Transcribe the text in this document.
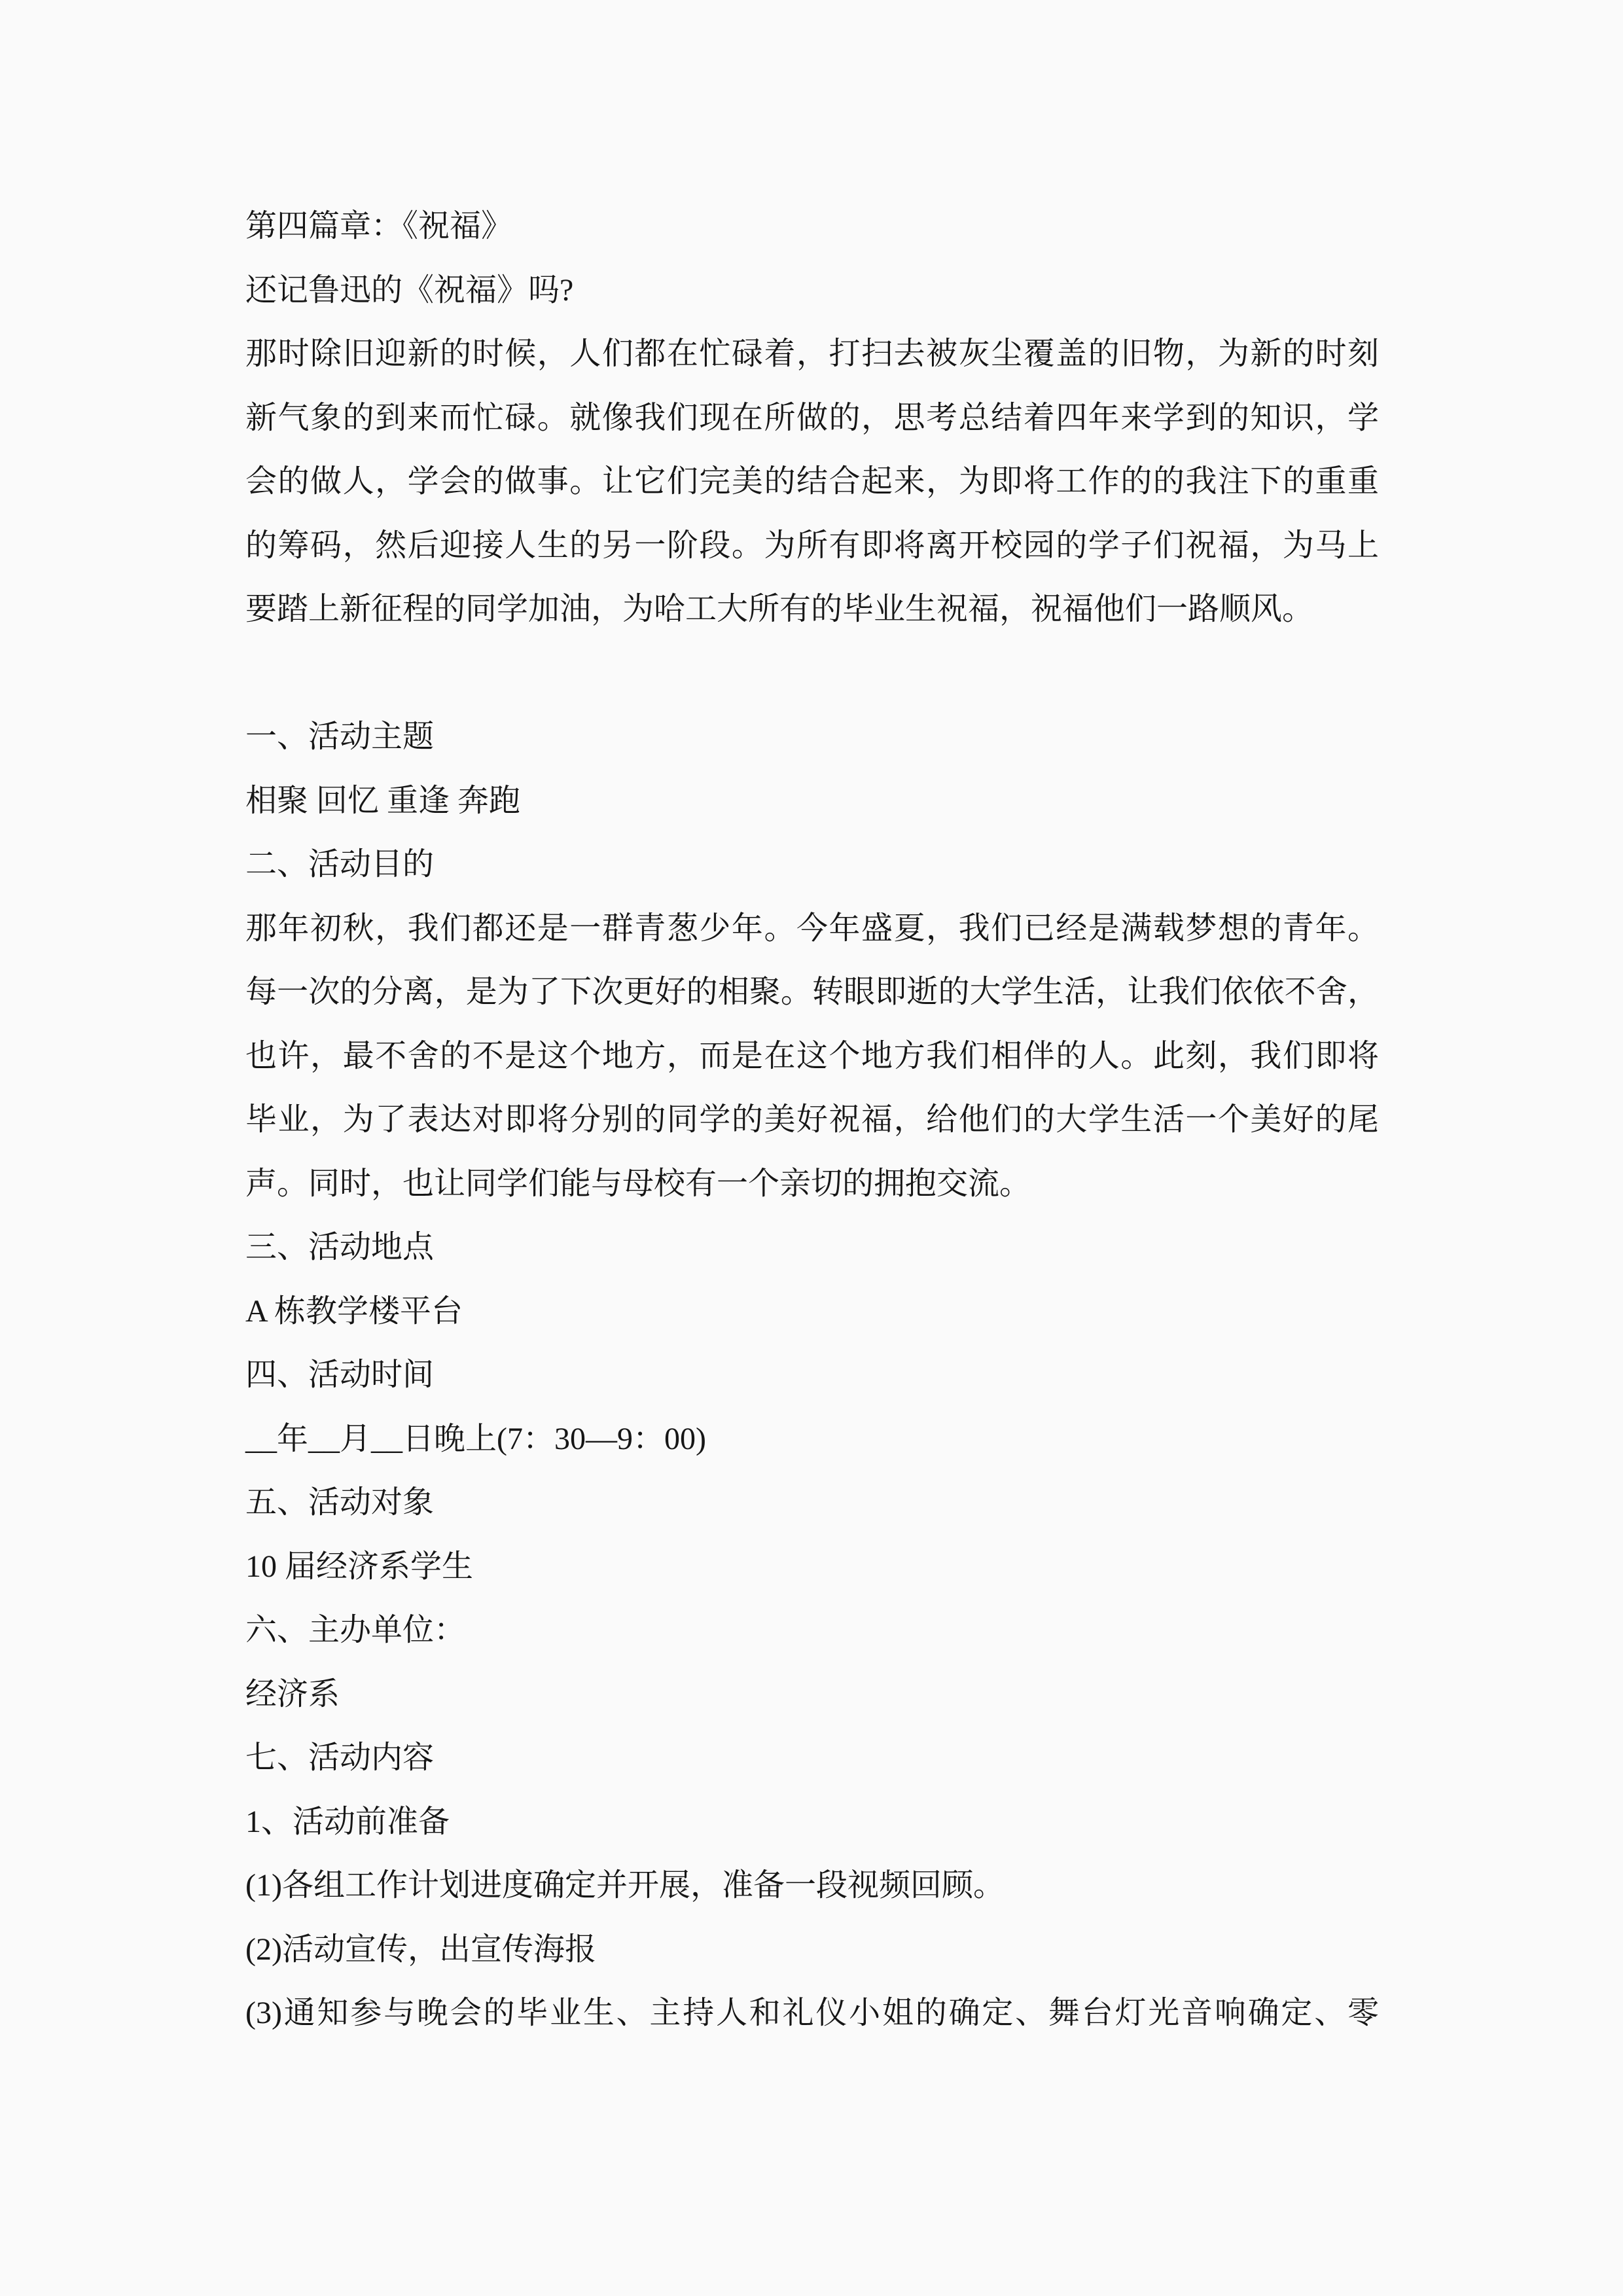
第四篇章：《祝福》
还记鲁迅的《祝福》吗?
那时除旧迎新的时候，人们都在忙碌着，打扫去被灰尘覆盖的旧物，为新的时刻
新气象的到来而忙碌。就像我们现在所做的，思考总结着四年来学到的知识，学
会的做人，学会的做事。让它们完美的结合起来，为即将工作的的我注下的重重
的筹码，然后迎接人生的另一阶段。为所有即将离开校园的学子们祝福，为马上
要踏上新征程的同学加油，为哈工大所有的毕业生祝福，祝福他们一路顺风。
一、活动主题
相聚 回忆 重逢 奔跑
二、活动目的
那年初秋，我们都还是一群青葱少年。今年盛夏，我们已经是满载梦想的青年。
每一次的分离，是为了下次更好的相聚。转眼即逝的大学生活，让我们依依不舍，
也许，最不舍的不是这个地方，而是在这个地方我们相伴的人。此刻，我们即将
毕业，为了表达对即将分别的同学的美好祝福，给他们的大学生活一个美好的尾
声。同时，也让同学们能与母校有一个亲切的拥抱交流。
三、活动地点
A 栋教学楼平台
四、活动时间
__年__月__日晚上(7：30—9：00)
五、活动对象
10 届经济系学生
六、主办单位：
经济系
七、活动内容
1、活动前准备
(1)各组工作计划进度确定并开展，准备一段视频回顾。
(2)活动宣传，出宣传海报
(3)通知参与晚会的毕业生、主持人和礼仪小姐的确定、舞台灯光音响确定、零
